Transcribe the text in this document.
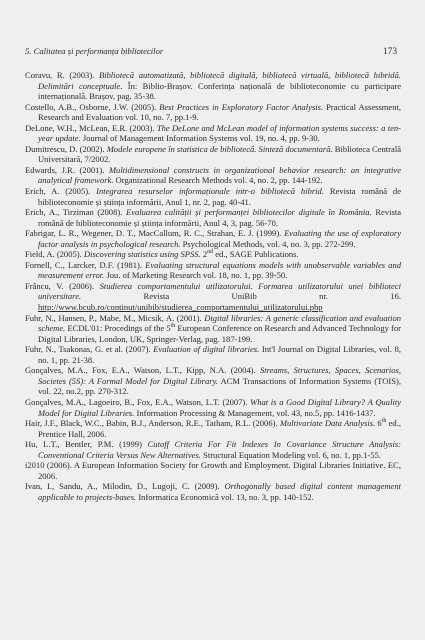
5. Calitatea și performanța bibliotecilor	173

Coravu, R. (2003). Bibliotecă automatizată, bibliotecă digitală, bibliotecă virtuală, bibliotecă hibridă. Delimitări conceptuale. În: Biblio-Brașov. Conferința națională de biblioteconomie cu participare internațională. Brașov, pag. 35-38.

Costello, A.B., Osborne, J.W. (2005). Best Practices in Exploratory Factor Analysis. Practical Assessment, Research and Evaluation vol. 10, no. 7, pp.1-9.

DeLone, W.H., McLean, E.R. (2003). The DeLone and McLean model of information systems success: a ten-year update. Journal of Management Information Systems vol. 19, no. 4, pp. 9-30.

Dumitrescu, D. (2002). Modele europene în statistica de bibliotecă. Sinteză documentară. Biblioteca Centrală Universitară, 7/2002.

Edwards, J.R. (2001). Multidimensional constructs in organizational behavior research: an integrative analytical framework. Organizational Research Methods vol. 4, no. 2, pp. 144-192.

Erich, A. (2005). Integrarea resurselor informaționale intr-o bibliotecă hibrid. Revista română de biblioteconomie și știința informării, Anul 1, nr. 2, pag. 40-41.

Erich, A., Tirziman (2008). Evaluarea calității și performanței bibliotecilor digitale în România. Revista română de biblioteconomie și știința informării, Anul 4, 3, pag. 56-70.

Fabrigar, L. R., Wegener, D. T., MacCallum, R. C., Strahan, E. J. (1999). Evaluating the use of exploratory factor analysis in psychological research. Psychological Methods, vol. 4, no. 3, pp. 272-299.

Field, A. (2005). Discovering statistics using SPSS. 2nd ed., SAGE Publications.

Fornell, C., Larcker, D.F. (1981). Evaluating structural equations models with unobservable variables and measurement error. Jou. of Marketing Research vol. 18, no. 1, pp. 39-50.

Frâncu, V. (2006). Studierea comportamentului utilizatorului. Formarea utilizatorului unei biblioteci universitare. Revista UniBib nr. 16. http://www.bcub.ro/continut/unibib/studierea_comportamentului_utilizatorului.php

Fuhr, N., Hansen, P., Mabe, M., Micsik, A. (2001). Digital libraries: A generic classification and evaluation scheme. ECDL'01: Procedings of the 5th European Conference on Research and Advanced Technology for Digital Libraries, London, UK, Springer-Verlag, pag. 187-199.

Fuhr, N., Tsakonas, G. et al. (2007). Evaluation of digital libraries. Int'l Journal on Digital Libraries, vol. 8, no. 1, pp. 21-38.

Gonçalves, M.A., Fox, E.A., Watson, L.T., Kipp, N.A. (2004). Streams, Structures, Spaces, Scenarios, Societes (5S): A Formal Model for Digital Library. ACM Transactions of Information Systems (TOIS), vol. 22, no.2, pp. 270-312.

Gonçalves, M.A., Lagoeiro, B., Fox, E.A., Watson, L.T. (2007). What is a Good Digital Library? A Quality Model for Digital Libraries. Information Processing & Management, vol. 43, no.5, pp. 1416-1437.

Hair, J.F., Black, W.C., Babin, B.J., Anderson, R.E., Tatham, R.L. (2006). Multivariate Data Analysis. 6th ed., Prentice Hall, 2006.

Hu, L.T., Bentler, P.M. (1999) Cutoff Criteria For Fit Indexes In Covariance Structure Analysis: Conventional Criteria Versus New Alternatives. Structural Equation Modeling vol. 6, no. 1, pp.1-55.

i2010 (2006). A European Information Society for Growth and Employment. Digital Libraries Initiative. EC, 2006.

Ivan, I., Sandu, A., Milodin, D., Lugoji, C. (2009). Orthogonally based digital content management applicable to projects-bases. Informatica Economică vol. 13, no. 3, pp. 140-152.
